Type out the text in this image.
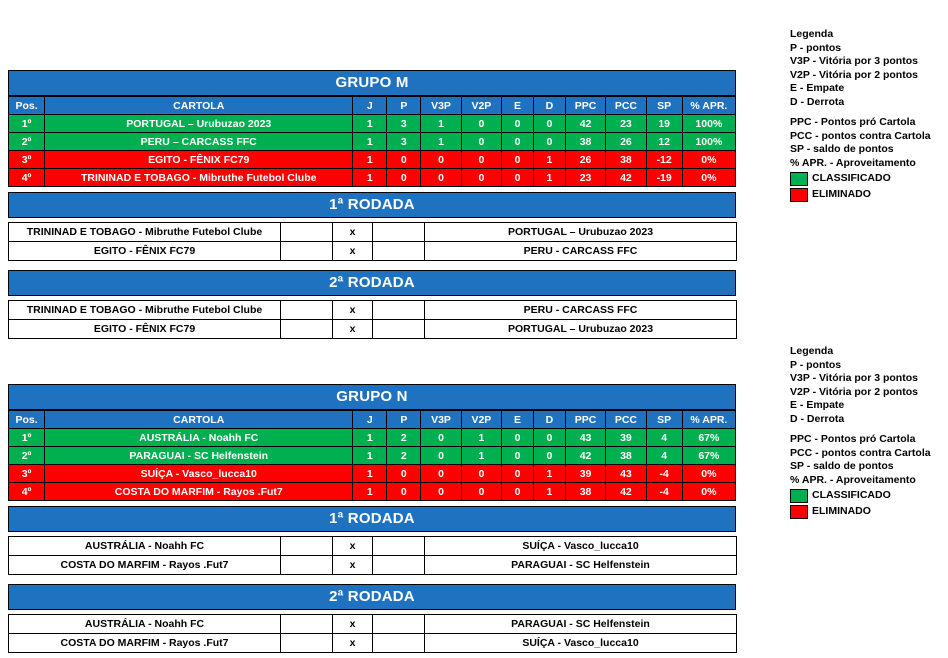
GRUPO M
Pos.	CARTOLA	J	P	V3P	V2P	E	D	PPC	PCC	SP	% APR.
1º	PORTUGAL – Urubuzao 2023	1	3	1	0	0	0	42	23	19	100%
2º	PERU – CARCASS FFC	1	3	1	0	0	0	38	26	12	100%
3º	EGITO - FÊNIX FC79	1	0	0	0	0	1	26	38	-12	0%
4º	TRININAD E TOBAGO - Mibruthe Futebol Clube	1	0	0	0	0	1	23	42	-19	0%
1ª RODADA
TRININAD E TOBAGO - Mibruthe Futebol Clube	23	x	42	PORTUGAL – Urubuzao 2023
EGITO - FÊNIX FC79	26	x	38	PERU - CARCASS FFC
2ª RODADA
TRININAD E TOBAGO - Mibruthe Futebol Clube		x		PERU - CARCASS FFC
EGITO - FÊNIX FC79		x		PORTUGAL – Urubuzao 2023
GRUPO N
Pos.	CARTOLA	J	P	V3P	V2P	E	D	PPC	PCC	SP	% APR.
1º	AUSTRÁLIA - Noahh FC	1	2	0	1	0	0	43	39	4	67%
2º	PARAGUAI - SC Helfenstein	1	2	0	1	0	0	42	38	4	67%
3º	SUÍÇA - Vasco_lucca10	1	0	0	0	0	1	39	43	-4	0%
4º	COSTA DO MARFIM - Rayos .Fut7	1	0	0	0	0	1	38	42	-4	0%
1ª RODADA
AUSTRÁLIA - Noahh FC	43	x	39	SUÍÇA - Vasco_lucca10
COSTA DO MARFIM - Rayos .Fut7	38	x	42	PARAGUAI - SC Helfenstein
2ª RODADA
AUSTRÁLIA - Noahh FC		x		PARAGUAI - SC Helfenstein
COSTA DO MARFIM - Rayos .Fut7		x		SUÍÇA - Vasco_lucca10
Legenda
P - pontos
V3P - Vitória por 3 pontos
V2P - Vitória por 2 pontos
E - Empate
D - Derrota
PPC - Pontos pró Cartola
PCC - pontos contra Cartola
SP - saldo de pontos
% APR. - Aproveitamento
CLASSIFICADO
ELIMINADO
Legenda
P - pontos
V3P - Vitória por 3 pontos
V2P - Vitória por 2 pontos
E - Empate
D - Derrota
PPC - Pontos pró Cartola
PCC - pontos contra Cartola
SP - saldo de pontos
% APR. - Aproveitamento
CLASSIFICADO
ELIMINADO
